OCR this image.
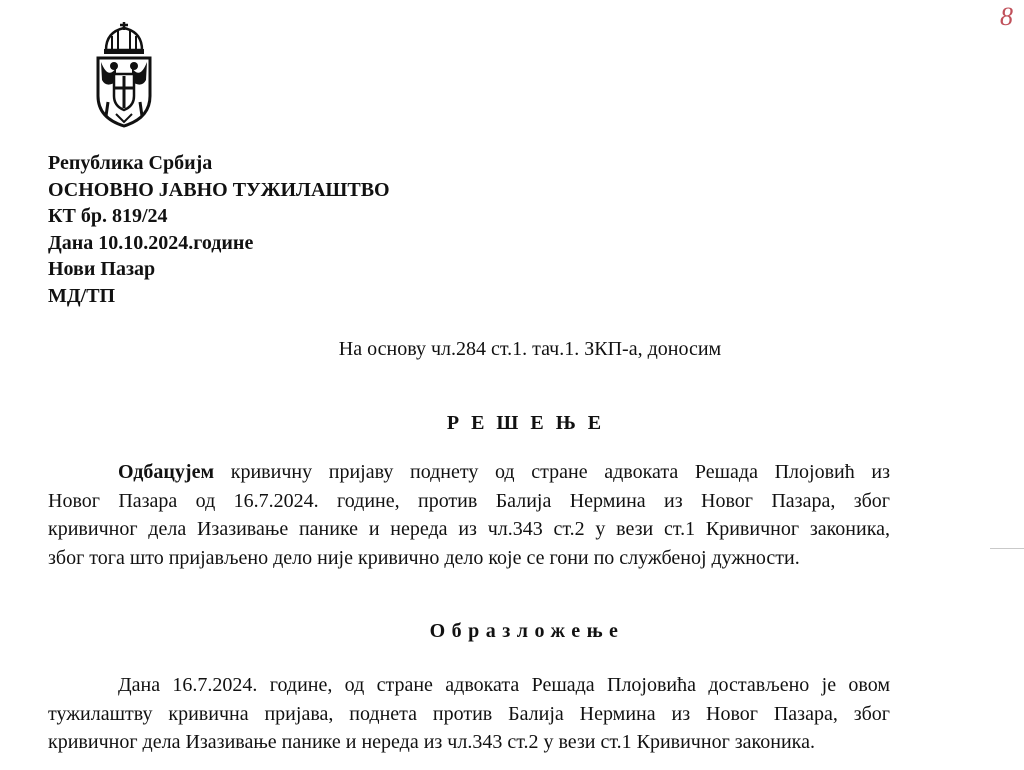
8
Република Србија
ОСНОВНО ЈАВНО ТУЖИЛАШТВО
КТ бр. 819/24
Дана 10.10.2024.године
Нови Пазар
МД/ТП
На основу чл.284 ст.1. тач.1. ЗКП-а, доносим
РЕШЕЊЕ
Одбацујем кривичну пријаву поднету од стране адвоката Решада Плојовић из
Новог Пазара од 16.7.2024. године, против Балија Нермина из Новог Пазара, због
кривичног дела Изазивање панике и нереда из чл.343 ст.2 у вези ст.1 Кривичног законика,
због тога што пријављено дело није кривично дело које се гони по службеној дужности.
Образложење
Дана 16.7.2024. године, од стране адвоката Решада Плојовића достављено је овом
тужилаштву кривична пријава, поднета против Балија Нермина из Новог Пазара, због
кривичног дела Изазивање панике и нереда из чл.343 ст.2 у вези ст.1 Кривичног законика.
